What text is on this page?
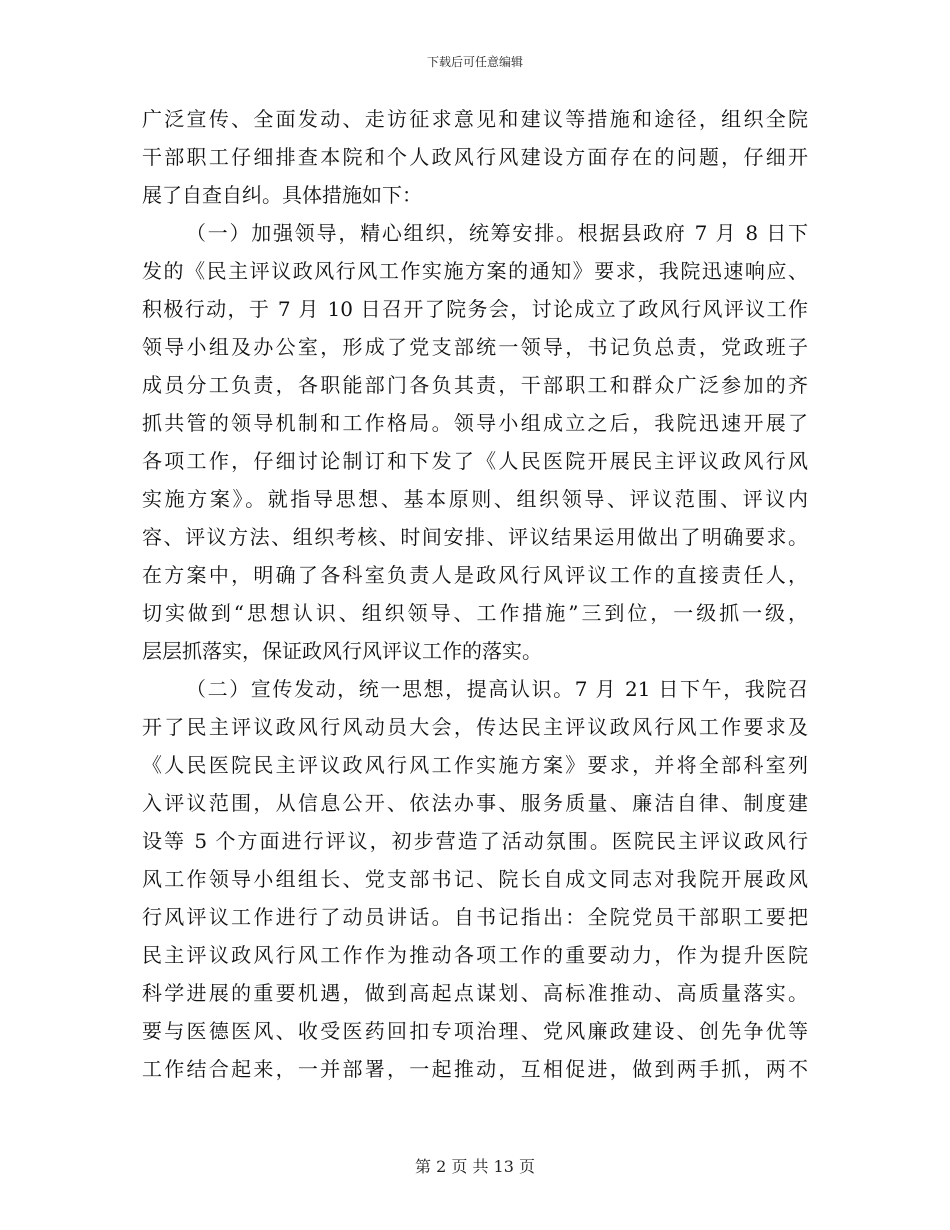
下载后可任意编辑
广泛宣传、全面发动、走访征求意见和建议等措施和途径，组织全院
干部职工仔细排查本院和个人政风行风建设方面存在的问题，仔细开
展了自查自纠。具体措施如下：
（一）加强领导，精心组织，统筹安排。根据县政府 7 月 8 日下
发的《民主评议政风行风工作实施方案的通知》要求，我院迅速响应、
积极行动，于 7 月 10 日召开了院务会，讨论成立了政风行风评议工作
领导小组及办公室，形成了党支部统一领导，书记负总责，党政班子
成员分工负责，各职能部门各负其责，干部职工和群众广泛参加的齐
抓共管的领导机制和工作格局。领导小组成立之后，我院迅速开展了
各项工作，仔细讨论制订和下发了《人民医院开展民主评议政风行风
实施方案》。就指导思想、基本原则、组织领导、评议范围、评议内
容、评议方法、组织考核、时间安排、评议结果运用做出了明确要求。
在方案中，明确了各科室负责人是政风行风评议工作的直接责任人，
切实做到“思想认识、组织领导、工作措施”三到位，一级抓一级，
层层抓落实，保证政风行风评议工作的落实。
（二）宣传发动，统一思想，提高认识。7 月 21 日下午，我院召
开了民主评议政风行风动员大会，传达民主评议政风行风工作要求及
《人民医院民主评议政风行风工作实施方案》要求，并将全部科室列
入评议范围，从信息公开、依法办事、服务质量、廉洁自律、制度建
设等 5 个方面进行评议，初步营造了活动氛围。医院民主评议政风行
风工作领导小组组长、党支部书记、院长自成文同志对我院开展政风
行风评议工作进行了动员讲话。自书记指出：全院党员干部职工要把
民主评议政风行风工作作为推动各项工作的重要动力，作为提升医院
科学进展的重要机遇，做到高起点谋划、高标准推动、高质量落实。
要与医德医风、收受医药回扣专项治理、党风廉政建设、创先争优等
工作结合起来，一并部署，一起推动，互相促进，做到两手抓，两不
第 2 页 共 13 页
